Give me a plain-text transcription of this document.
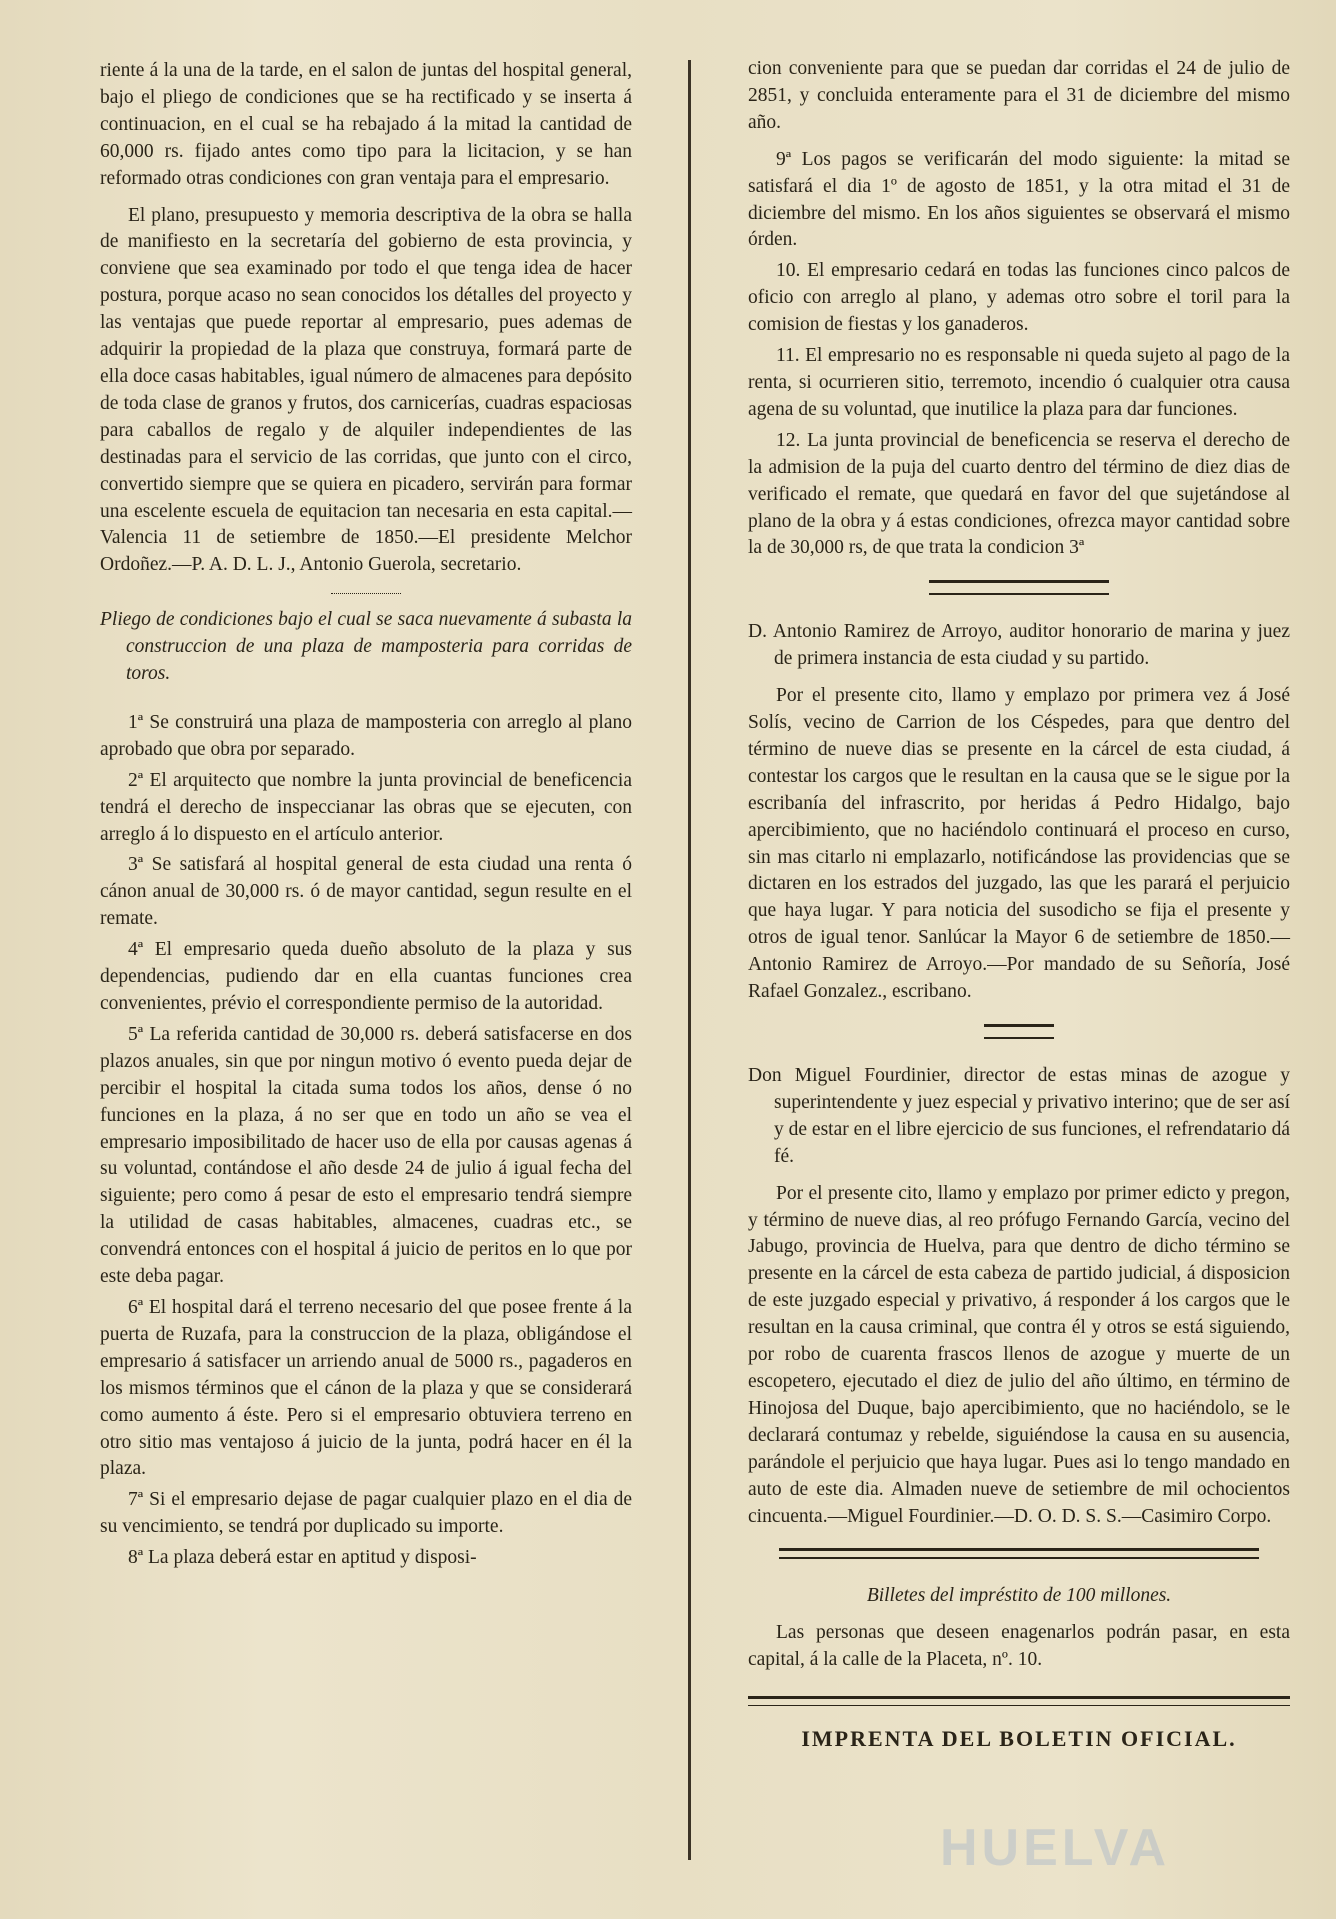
riente á la una de la tarde, en el salon de juntas del hospital general, bajo el pliego de condiciones que se ha rectificado y se inserta á continuacion, en el cual se ha rebajado á la mitad la cantidad de 60,000 rs. fijado antes como tipo para la licitacion, y se han reformado otras condiciones con gran ventaja para el empresario.

El plano, presupuesto y memoria descriptiva de la obra se halla de manifiesto en la secretaría del gobierno de esta provincia, y conviene que sea examinado por todo el que tenga idea de hacer postura, porque acaso no sean conocidos los détalles del proyecto y las ventajas que puede reportar al empresario, pues ademas de adquirir la propiedad de la plaza que construya, formará parte de ella doce casas habitables, igual número de almacenes para depósito de toda clase de granos y frutos, dos carnicerías, cuadras espaciosas para caballos de regalo y de alquiler independientes de las destinadas para el servicio de las corridas, que junto con el circo, convertido siempre que se quiera en picadero, servirán para formar una escelente escuela de equitacion tan necesaria en esta capital.—Valencia 11 de setiembre de 1850.—El presidente Melchor Ordoñez.—P. A. D. L. J., Antonio Guerola, secretario.

Pliego de condiciones bajo el cual se saca nuevamente á subasta la construccion de una plaza de mamposteria para corridas de toros.

1ª Se construirá una plaza de mamposteria con arreglo al plano aprobado que obra por separado.

2ª El arquitecto que nombre la junta provincial de beneficencia tendrá el derecho de inspeccianar las obras que se ejecuten, con arreglo á lo dispuesto en el artículo anterior.

3ª Se satisfará al hospital general de esta ciudad una renta ó cánon anual de 30,000 rs. ó de mayor cantidad, segun resulte en el remate.

4ª El empresario queda dueño absoluto de la plaza y sus dependencias, pudiendo dar en ella cuantas funciones crea convenientes, prévio el correspondiente permiso de la autoridad.

5ª La referida cantidad de 30,000 rs. deberá satisfacerse en dos plazos anuales, sin que por ningun motivo ó evento pueda dejar de percibir el hospital la citada suma todos los años, dense ó no funciones en la plaza, á no ser que en todo un año se vea el empresario imposibilitado de hacer uso de ella por causas agenas á su voluntad, contándose el año desde 24 de julio á igual fecha del siguiente; pero como á pesar de esto el empresario tendrá siempre la utilidad de casas habitables, almacenes, cuadras etc., se convendrá entonces con el hospital á juicio de peritos en lo que por este deba pagar.

6ª El hospital dará el terreno necesario del que posee frente á la puerta de Ruzafa, para la construccion de la plaza, obligándose el empresario á satisfacer un arriendo anual de 5000 rs., pagaderos en los mismos términos que el cánon de la plaza y que se considerará como aumento á éste. Pero si el empresario obtuviera terreno en otro sitio mas ventajoso á juicio de la junta, podrá hacer en él la plaza.

7ª Si el empresario dejase de pagar cualquier plazo en el dia de su vencimiento, se tendrá por duplicado su importe.

8ª La plaza deberá estar en aptitud y disposi-

cion conveniente para que se puedan dar corridas el 24 de julio de 2851, y concluida enteramente para el 31 de diciembre del mismo año.

9ª Los pagos se verificarán del modo siguiente: la mitad se satisfará el dia 1º de agosto de 1851, y la otra mitad el 31 de diciembre del mismo. En los años siguientes se observará el mismo órden.

10. El empresario cedará en todas las funciones cinco palcos de oficio con arreglo al plano, y ademas otro sobre el toril para la comision de fiestas y los ganaderos.

11. El empresario no es responsable ni queda sujeto al pago de la renta, si ocurrieren sitio, terremoto, incendio ó cualquier otra causa agena de su voluntad, que inutilice la plaza para dar funciones.

12. La junta provincial de beneficencia se reserva el derecho de la admision de la puja del cuarto dentro del término de diez dias de verificado el remate, que quedará en favor del que sujetándose al plano de la obra y á estas condiciones, ofrezca mayor cantidad sobre la de 30,000 rs, de que trata la condicion 3ª

D. Antonio Ramirez de Arroyo, auditor honorario de marina y juez de primera instancia de esta ciudad y su partido.

Por el presente cito, llamo y emplazo por primera vez á José Solís, vecino de Carrion de los Céspedes, para que dentro del término de nueve dias se presente en la cárcel de esta ciudad, á contestar los cargos que le resultan en la causa que se le sigue por la escribanía del infrascrito, por heridas á Pedro Hidalgo, bajo apercibimiento, que no haciéndolo continuará el proceso en curso, sin mas citarlo ni emplazarlo, notificándose las providencias que se dictaren en los estrados del juzgado, las que les parará el perjuicio que haya lugar. Y para noticia del susodicho se fija el presente y otros de igual tenor. Sanlúcar la Mayor 6 de setiembre de 1850.—Antonio Ramirez de Arroyo.—Por mandado de su Señoría, José Rafael Gonzalez., escribano.

Don Miguel Fourdinier, director de estas minas de azogue y superintendente y juez especial y privativo interino; que de ser así y de estar en el libre ejercicio de sus funciones, el refrendatario dá fé.

Por el presente cito, llamo y emplazo por primer edicto y pregon, y término de nueve dias, al reo prófugo Fernando García, vecino del Jabugo, provincia de Huelva, para que dentro de dicho término se presente en la cárcel de esta cabeza de partido judicial, á disposicion de este juzgado especial y privativo, á responder á los cargos que le resultan en la causa criminal, que contra él y otros se está siguiendo, por robo de cuarenta frascos llenos de azogue y muerte de un escopetero, ejecutado el diez de julio del año último, en término de Hinojosa del Duque, bajo apercibimiento, que no haciéndolo, se le declarará contumaz y rebelde, siguiéndose la causa en su ausencia, parándole el perjuicio que haya lugar. Pues asi lo tengo mandado en auto de este dia. Almaden nueve de setiembre de mil ochocientos cincuenta.—Miguel Fourdinier.—D. O. D. S. S.—Casimiro Corpo.

Billetes del impréstito de 100 millones.

Las personas que deseen enagenarlos podrán pasar, en esta capital, á la calle de la Placeta, nº. 10.

IMPRENTA DEL BOLETIN OFICIAL.
HUELVA
